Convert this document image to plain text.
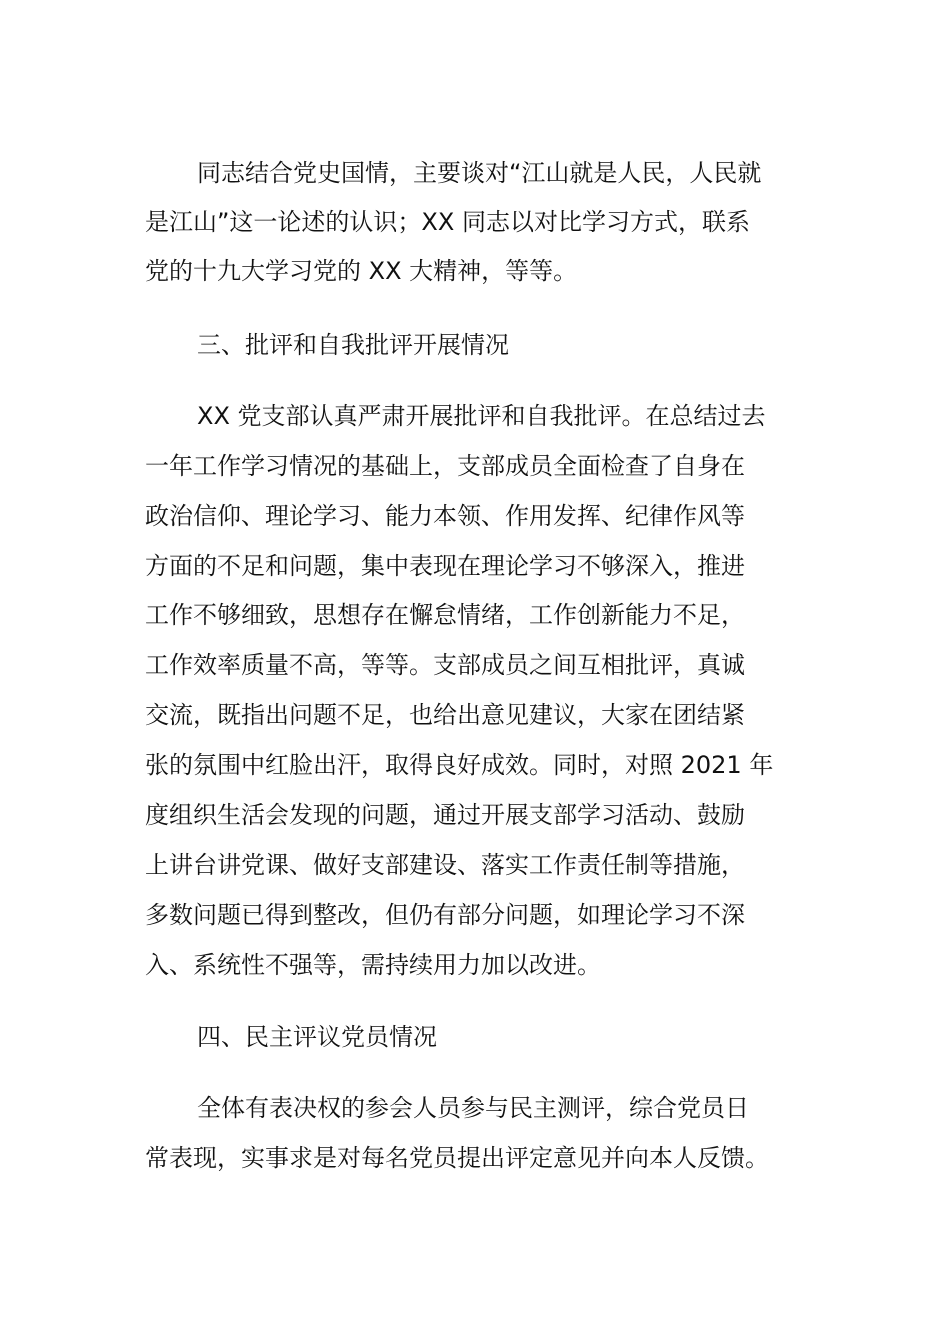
同志结合党史国情，主要谈对“江山就是人民，人民就
是江山”这一论述的认识；XX 同志以对比学习方式，联系
党的十九大学习党的 XX 大精神，等等。
三、批评和自我批评开展情况
XX 党支部认真严肃开展批评和自我批评。在总结过去
一年工作学习情况的基础上，支部成员全面检查了自身在
政治信仰、理论学习、能力本领、作用发挥、纪律作风等
方面的不足和问题，集中表现在理论学习不够深入，推进
工作不够细致，思想存在懈怠情绪，工作创新能力不足，
工作效率质量不高，等等。支部成员之间互相批评，真诚
交流，既指出问题不足，也给出意见建议，大家在团结紧
张的氛围中红脸出汗，取得良好成效。同时，对照 2021 年
度组织生活会发现的问题，通过开展支部学习活动、鼓励
上讲台讲党课、做好支部建设、落实工作责任制等措施，
多数问题已得到整改，但仍有部分问题，如理论学习不深
入、系统性不强等，需持续用力加以改进。
四、民主评议党员情况
全体有表决权的参会人员参与民主测评，综合党员日
常表现，实事求是对每名党员提出评定意见并向本人反馈。
